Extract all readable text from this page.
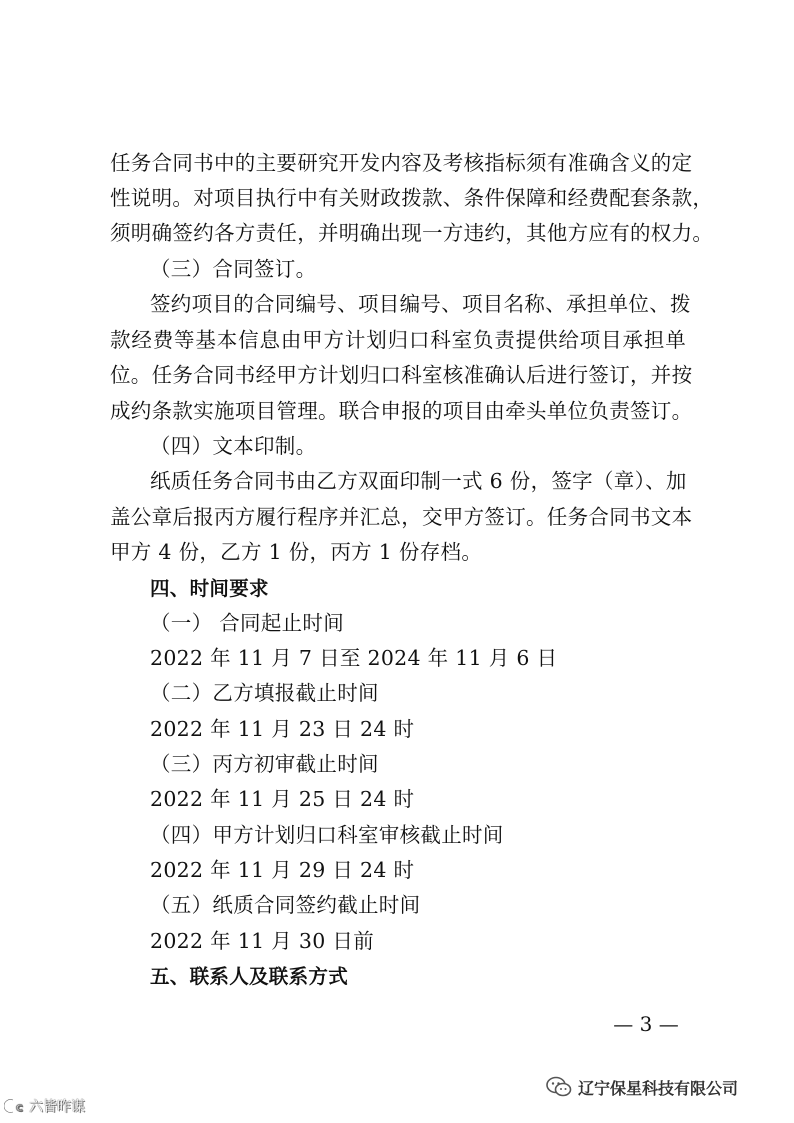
任务合同书中的主要研究开发内容及考核指标须有准确含义的定
性说明。对项目执行中有关财政拨款、条件保障和经费配套条款，
须明确签约各方责任，并明确出现一方违约，其他方应有的权力。
（三）合同签订。
签约项目的合同编号、项目编号、项目名称、承担单位、拨
款经费等基本信息由甲方计划归口科室负责提供给项目承担单
位。任务合同书经甲方计划归口科室核准确认后进行签订，并按
成约条款实施项目管理。联合申报的项目由牵头单位负责签订。
（四）文本印制。
纸质任务合同书由乙方双面印制一式 6 份，签字（章）、加
盖公章后报丙方履行程序并汇总，交甲方签订。任务合同书文本
甲方 4 份，乙方 1 份，丙方 1 份存档。
四、时间要求
（一） 合同起止时间
2022 年 11 月 7 日至 2024 年 11 月 6 日
（二）乙方填报截止时间
2022 年 11 月 23 日 24 时
（三）丙方初审截止时间
2022 年 11 月 25 日 24 时
（四）甲方计划归口科室审核截止时间
2022 年 11 月 29 日 24 时
（五）纸质合同签约截止时间
2022 年 11 月 30 日前
五、联系人及联系方式
— 3 —
辽宁保星科技有限公司
C 六皆昨谋
